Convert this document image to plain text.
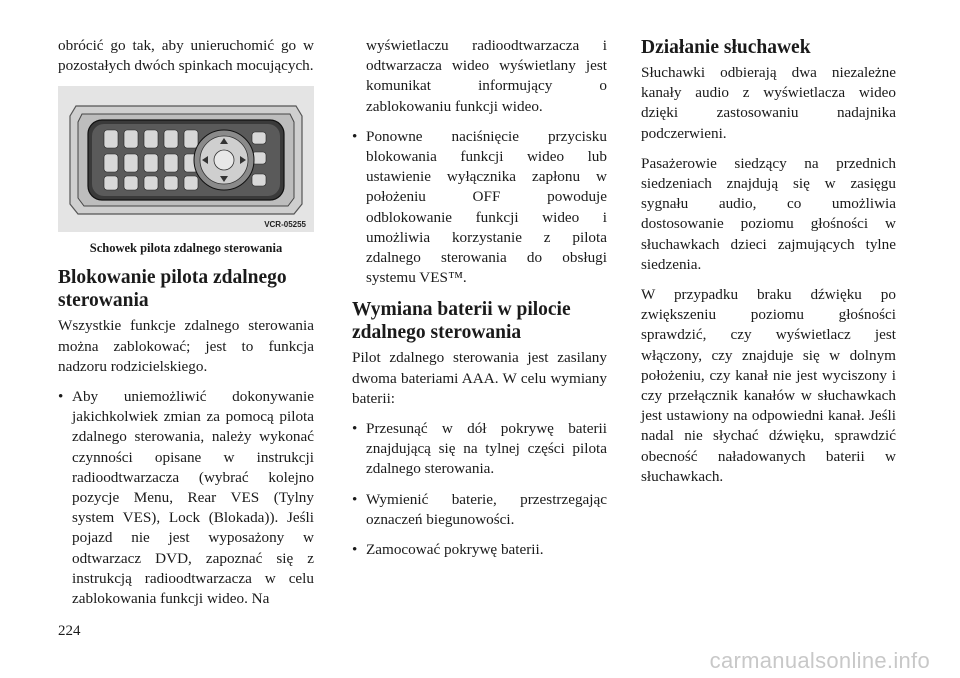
obrócić go tak, aby unieruchomić go w pozostałych dwóch spinkach mocujących.

VCR-05255
Schowek pilota zdalnego sterowania
Blokowanie pilota zdalnego sterowania

Wszystkie funkcje zdalnego sterowania można zablokować; jest to funkcja nadzoru rodzicielskiego.

• Aby uniemożliwić dokonywanie jakichkolwiek zmian za pomocą pilota zdalnego sterowania, należy wykonać czynności opisane w instrukcji radioodtwarzacza (wybrać kolejno pozycje Menu, Rear VES (Tylny system VES), Lock (Blokada)). Jeśli pojazd nie jest wyposażony w odtwarzacz DVD, zapoznać się z instrukcją radioodtwarzacza w celu zablokowania funkcji wideo. Na
wyświetlaczu radioodtwarzacza i odtwarzacza wideo wyświetlany jest komunikat informujący o zablokowaniu funkcji wideo.
• Ponowne naciśnięcie przycisku blokowania funkcji wideo lub ustawienie wyłącznika zapłonu w położeniu OFF powoduje odblokowanie funkcji wideo i umożliwia korzystanie z pilota zdalnego sterowania do obsługi systemu VES™.
Wymiana baterii w pilocie zdalnego sterowania

Pilot zdalnego sterowania jest zasilany dwoma bateriami AAA. W celu wymiany baterii:

• Przesunąć w dół pokrywę baterii znajdującą się na tylnej części pilota zdalnego sterowania.
• Wymienić baterie, przestrzegając oznaczeń biegunowości.
• Zamocować pokrywę baterii.
Działanie słuchawek

Słuchawki odbierają dwa niezależne kanały audio z wyświetlacza wideo dzięki zastosowaniu nadajnika podczerwieni.

Pasażerowie siedzący na przednich siedzeniach znajdują się w zasięgu sygnału audio, co umożliwia dostosowanie poziomu głośności w słuchawkach dzieci zajmujących tylne siedzenia.

W przypadku braku dźwięku po zwiększeniu poziomu głośności sprawdzić, czy wyświetlacz jest włączony, czy znajduje się w dolnym położeniu, czy kanał nie jest wyciszony i czy przełącznik kanałów w słuchawkach jest ustawiony na odpowiedni kanał. Jeśli nadal nie słychać dźwięku, sprawdzić obecność naładowanych baterii w słuchawkach.

224
carmanualsonline.info
